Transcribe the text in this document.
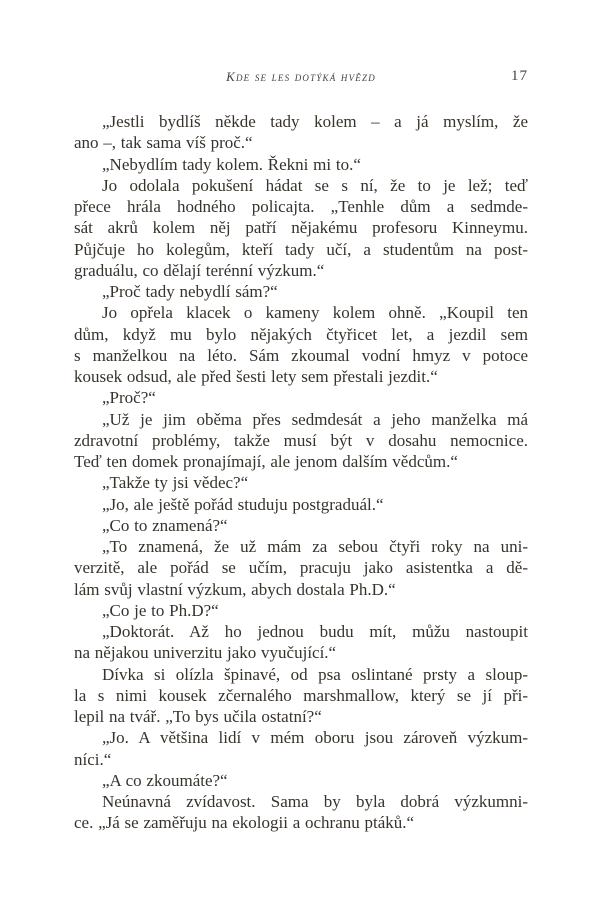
Kde se les dotýká hvězd	17
„Jestli bydlíš někde tady kolem – a já myslím, že
ano –, tak sama víš proč.“
„Nebydlím tady kolem. Řekni mi to.“
Jo odolala pokušení hádat se s ní, že to je lež; teď
přece hrála hodného policajta. „Tenhle dům a sedmde-
sát akrů kolem něj patří nějakému profesoru Kinneymu.
Půjčuje ho kolegům, kteří tady učí, a studentům na post-
graduálu, co dělají terénní výzkum.“
„Proč tady nebydlí sám?“
Jo opřela klacek o kameny kolem ohně. „Koupil ten
dům, když mu bylo nějakých čtyřicet let, a jezdil sem
s manželkou na léto. Sám zkoumal vodní hmyz v potoce
kousek odsud, ale před šesti lety sem přestali jezdit.“
„Proč?“
„Už je jim oběma přes sedmdesát a jeho manželka má
zdravotní problémy, takže musí být v dosahu nemocnice.
Teď ten domek pronajímají, ale jenom dalším vědcům.“
„Takže ty jsi vědec?“
„Jo, ale ještě pořád studuju postgraduál.“
„Co to znamená?“
„To znamená, že už mám za sebou čtyři roky na uni-
verzitě, ale pořád se učím, pracuju jako asistentka a dě-
lám svůj vlastní výzkum, abych dostala Ph.D.“
„Co je to Ph.D?“
„Doktorát. Až ho jednou budu mít, můžu nastoupit
na nějakou univerzitu jako vyučující.“
Dívka si olízla špinavé, od psa oslintané prsty a sloup-
la s nimi kousek zčernalého marshmallow, který se jí při-
lepil na tvář. „To bys učila ostatní?“
„Jo. A většina lidí v mém oboru jsou zároveň výzkum-
níci.“
„A co zkoumáte?“
Neúnavná zvídavost. Sama by byla dobrá výzkumni-
ce. „Já se zaměřuju na ekologii a ochranu ptáků.“
